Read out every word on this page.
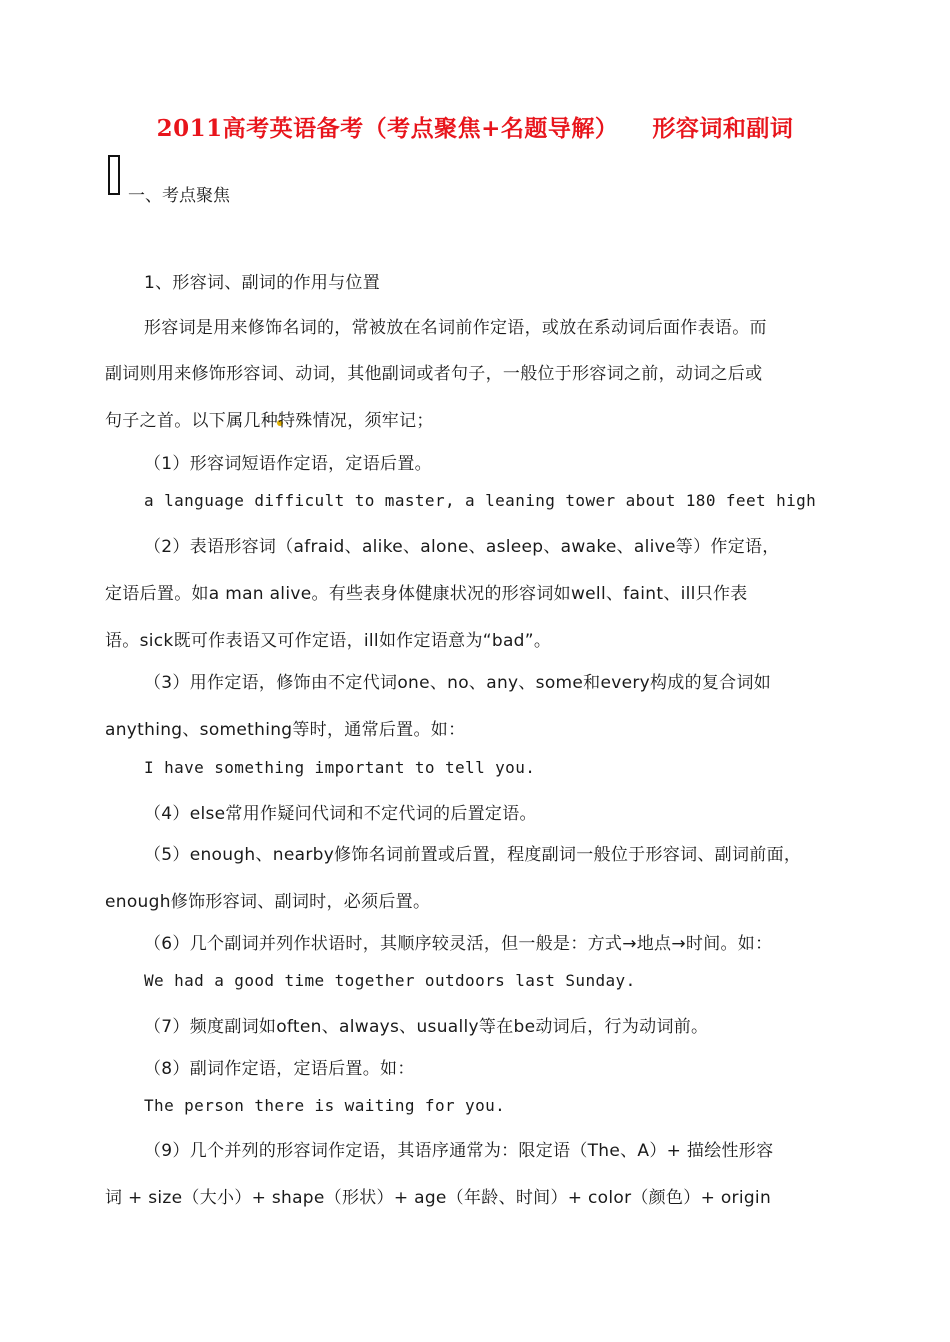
2011高考英语备考（考点聚焦+名题导解） 形容词和副词
一、考点聚焦
1、形容词、副词的作用与位置
形容词是用来修饰名词的，常被放在名词前作定语，或放在系动词后面作表语。而
副词则用来修饰形容词、动词，其他副词或者句子，一般位于形容词之前，动词之后或
句子之首。以下属几种特殊情况，须牢记；
（1）形容词短语作定语，定语后置。
a language difficult to master, a leaning tower about 180 feet high
（2）表语形容词（afraid、alike、alone、asleep、awake、alive等）作定语，
定语后置。如a man alive。有些表身体健康状况的形容词如well、faint、ill只作表
语。sick既可作表语又可作定语，ill如作定语意为“bad”。
（3）用作定语，修饰由不定代词one、no、any、some和every构成的复合词如
anything、something等时，通常后置。如：
I have something important to tell you.
（4）else常用作疑问代词和不定代词的后置定语。
（5）enough、nearby修饰名词前置或后置，程度副词一般位于形容词、副词前面，
enough修饰形容词、副词时，必须后置。
（6）几个副词并列作状语时，其顺序较灵活，但一般是：方式→地点→时间。如：
We had a good time together outdoors last Sunday.
（7）频度副词如often、always、usually等在be动词后，行为动词前。
（8）副词作定语，定语后置。如：
The person there is waiting for you.
（9）几个并列的形容词作定语，其语序通常为：限定语（The、A）+ 描绘性形容
词 + size（大小）+ shape（形状）+ age（年龄、时间）+ color（颜色）+ origin
